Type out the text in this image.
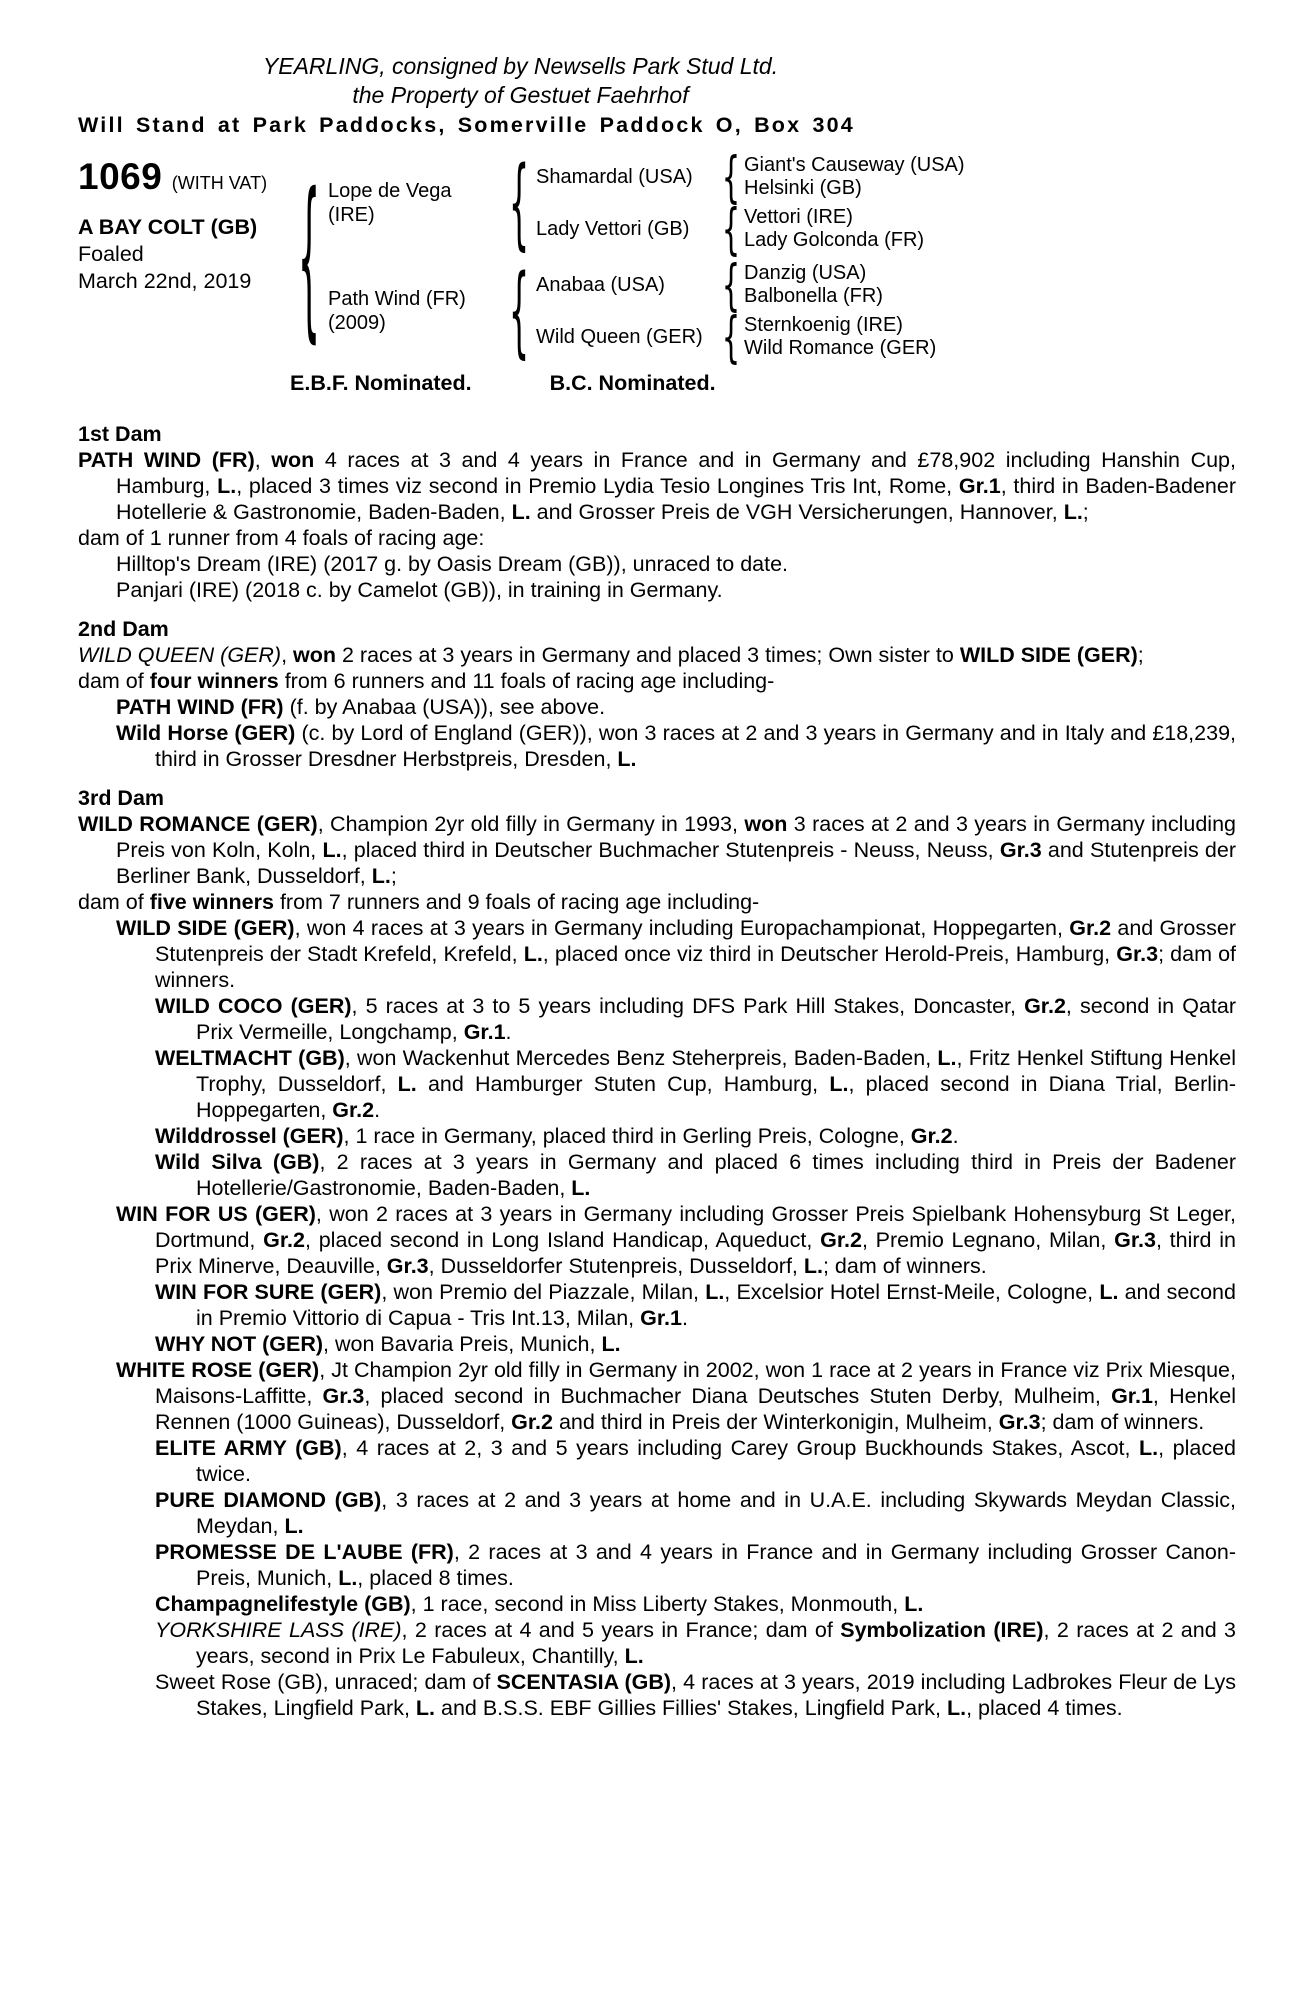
YEARLING, consigned by Newsells Park Stud Ltd.
the Property of Gestuet Faehrhof
Will Stand at Park Paddocks, Somerville Paddock O, Box 304
1069 (WITH VAT)
A BAY COLT (GB)
Foaled
March 22nd, 2019
{
Lope de Vega (IRE)
{
Shamardal (USA)
{
Giant's Causeway (USA)
Helsinki (GB)
Lady Vettori (GB)
{
Vettori (IRE)
Lady Golconda (FR)
Path Wind (FR)
(2009)
{
Anabaa (USA)
{
Danzig (USA)
Balbonella (FR)
Wild Queen (GER)
{
Sternkoenig (IRE)
Wild Romance (GER)
E.B.F. Nominated.	B.C. Nominated.
1st Dam
PATH WIND (FR), won 4 races at 3 and 4 years in France and in Germany and £78,902 including Hanshin Cup, Hamburg, L., placed 3 times viz second in Premio Lydia Tesio Longines Tris Int, Rome, Gr.1, third in Baden-Badener Hotellerie & Gastronomie, Baden-Baden, L. and Grosser Preis de VGH Versicherungen, Hannover, L.;
dam of 1 runner from 4 foals of racing age:
Hilltop's Dream (IRE) (2017 g. by Oasis Dream (GB)), unraced to date.
Panjari (IRE) (2018 c. by Camelot (GB)), in training in Germany.
2nd Dam
WILD QUEEN (GER), won 2 races at 3 years in Germany and placed 3 times; Own sister to WILD SIDE (GER);
dam of four winners from 6 runners and 11 foals of racing age including-
PATH WIND (FR) (f. by Anabaa (USA)), see above.
Wild Horse (GER) (c. by Lord of England (GER)), won 3 races at 2 and 3 years in Germany and in Italy and £18,239, third in Grosser Dresdner Herbstpreis, Dresden, L.
3rd Dam
WILD ROMANCE (GER), Champion 2yr old filly in Germany in 1993, won 3 races at 2 and 3 years in Germany including Preis von Koln, Koln, L., placed third in Deutscher Buchmacher Stutenpreis - Neuss, Neuss, Gr.3 and Stutenpreis der Berliner Bank, Dusseldorf, L.;
dam of five winners from 7 runners and 9 foals of racing age including-
WILD SIDE (GER), won 4 races at 3 years in Germany including Europachampionat, Hoppegarten, Gr.2 and Grosser Stutenpreis der Stadt Krefeld, Krefeld, L., placed once viz third in Deutscher Herold-Preis, Hamburg, Gr.3; dam of winners.
WILD COCO (GER), 5 races at 3 to 5 years including DFS Park Hill Stakes, Doncaster, Gr.2, second in Qatar Prix Vermeille, Longchamp, Gr.1.
WELTMACHT (GB), won Wackenhut Mercedes Benz Steherpreis, Baden-Baden, L., Fritz Henkel Stiftung Henkel Trophy, Dusseldorf, L. and Hamburger Stuten Cup, Hamburg, L., placed second in Diana Trial, Berlin-Hoppegarten, Gr.2.
Wilddrossel (GER), 1 race in Germany, placed third in Gerling Preis, Cologne, Gr.2.
Wild Silva (GB), 2 races at 3 years in Germany and placed 6 times including third in Preis der Badener Hotellerie/Gastronomie, Baden-Baden, L.
WIN FOR US (GER), won 2 races at 3 years in Germany including Grosser Preis Spielbank Hohensyburg St Leger, Dortmund, Gr.2, placed second in Long Island Handicap, Aqueduct, Gr.2, Premio Legnano, Milan, Gr.3, third in Prix Minerve, Deauville, Gr.3, Dusseldorfer Stutenpreis, Dusseldorf, L.; dam of winners.
WIN FOR SURE (GER), won Premio del Piazzale, Milan, L., Excelsior Hotel Ernst-Meile, Cologne, L. and second in Premio Vittorio di Capua - Tris Int.13, Milan, Gr.1.
WHY NOT (GER), won Bavaria Preis, Munich, L.
WHITE ROSE (GER), Jt Champion 2yr old filly in Germany in 2002, won 1 race at 2 years in France viz Prix Miesque, Maisons-Laffitte, Gr.3, placed second in Buchmacher Diana Deutsches Stuten Derby, Mulheim, Gr.1, Henkel Rennen (1000 Guineas), Dusseldorf, Gr.2 and third in Preis der Winterkonigin, Mulheim, Gr.3; dam of winners.
ELITE ARMY (GB), 4 races at 2, 3 and 5 years including Carey Group Buckhounds Stakes, Ascot, L., placed twice.
PURE DIAMOND (GB), 3 races at 2 and 3 years at home and in U.A.E. including Skywards Meydan Classic, Meydan, L.
PROMESSE DE L'AUBE (FR), 2 races at 3 and 4 years in France and in Germany including Grosser Canon-Preis, Munich, L., placed 8 times.
Champagnelifestyle (GB), 1 race, second in Miss Liberty Stakes, Monmouth, L.
YORKSHIRE LASS (IRE), 2 races at 4 and 5 years in France; dam of Symbolization (IRE), 2 races at 2 and 3 years, second in Prix Le Fabuleux, Chantilly, L.
Sweet Rose (GB), unraced; dam of SCENTASIA (GB), 4 races at 3 years, 2019 including Ladbrokes Fleur de Lys Stakes, Lingfield Park, L. and B.S.S. EBF Gillies Fillies' Stakes, Lingfield Park, L., placed 4 times.
